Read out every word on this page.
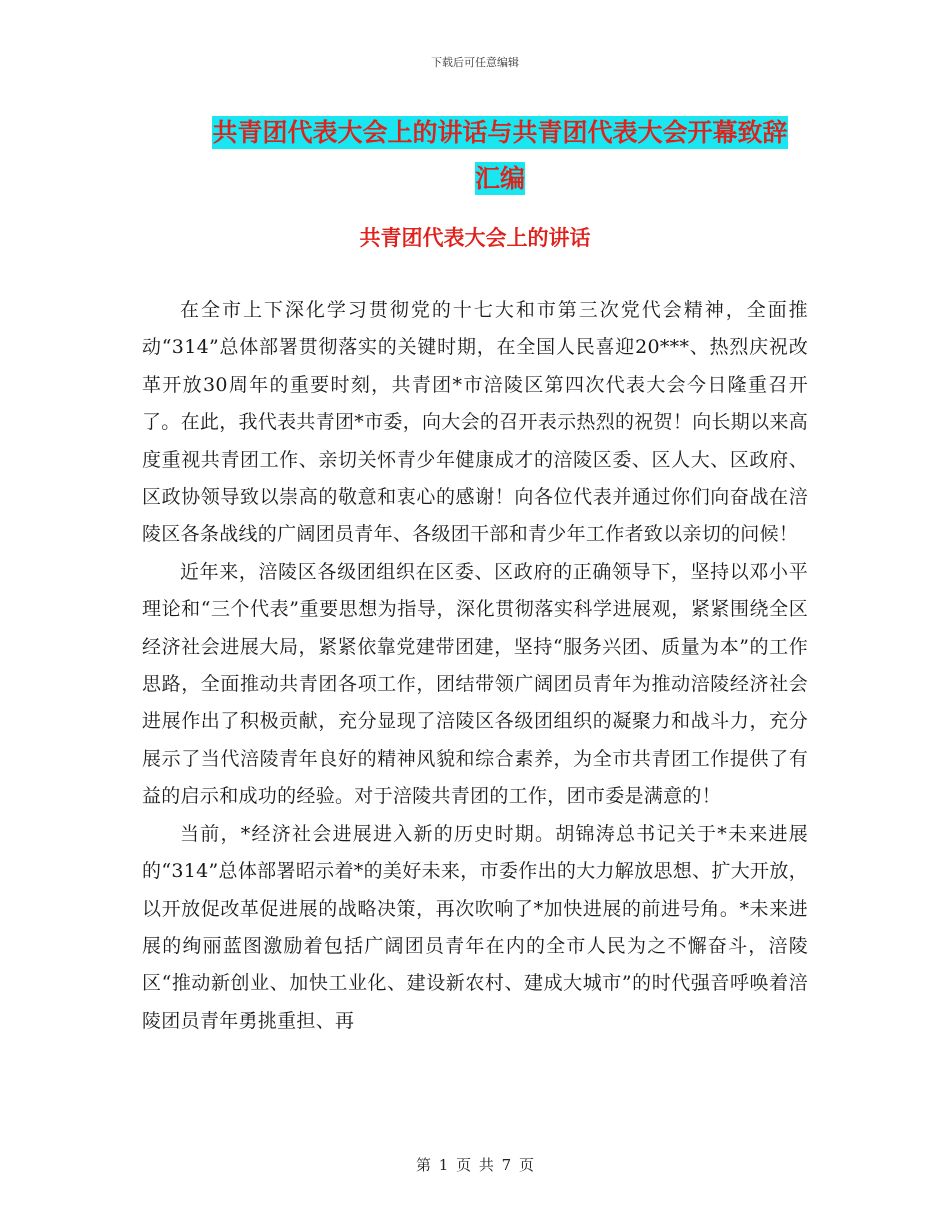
下载后可任意编辑
共青团代表大会上的讲话与共青团代表大会开幕致辞
汇编
共青团代表大会上的讲话

在全市上下深化学习贯彻党的十七大和市第三次党代会精神，全面推动“314”总体部署贯彻落实的关键时期，在全国人民喜迎20***、热烈庆祝改革开放30周年的重要时刻，共青团*市涪陵区第四次代表大会今日隆重召开了。在此，我代表共青团*市委，向大会的召开表示热烈的祝贺！向长期以来高度重视共青团工作、亲切关怀青少年健康成才的涪陵区委、区人大、区政府、区政协领导致以崇高的敬意和衷心的感谢！向各位代表并通过你们向奋战在涪陵区各条战线的广阔团员青年、各级团干部和青少年工作者致以亲切的问候！

近年来，涪陵区各级团组织在区委、区政府的正确领导下，坚持以邓小平理论和“三个代表”重要思想为指导，深化贯彻落实科学进展观，紧紧围绕全区经济社会进展大局，紧紧依靠党建带团建，坚持“服务兴团、质量为本”的工作思路，全面推动共青团各项工作，团结带领广阔团员青年为推动涪陵经济社会进展作出了积极贡献，充分显现了涪陵区各级团组织的凝聚力和战斗力，充分展示了当代涪陵青年良好的精神风貌和综合素养，为全市共青团工作提供了有益的启示和成功的经验。对于涪陵共青团的工作，团市委是满意的！

当前，*经济社会进展进入新的历史时期。胡锦涛总书记关于*未来进展的“314”总体部署昭示着*的美好未来，市委作出的大力解放思想、扩大开放，以开放促改革促进展的战略决策，再次吹响了*加快进展的前进号角。*未来进展的绚丽蓝图激励着包括广阔团员青年在内的全市人民为之不懈奋斗，涪陵区“推动新创业、加快工业化、建设新农村、建成大城市”的时代强音呼唤着涪陵团员青年勇挑重担、再

第 1 页 共 7 页
